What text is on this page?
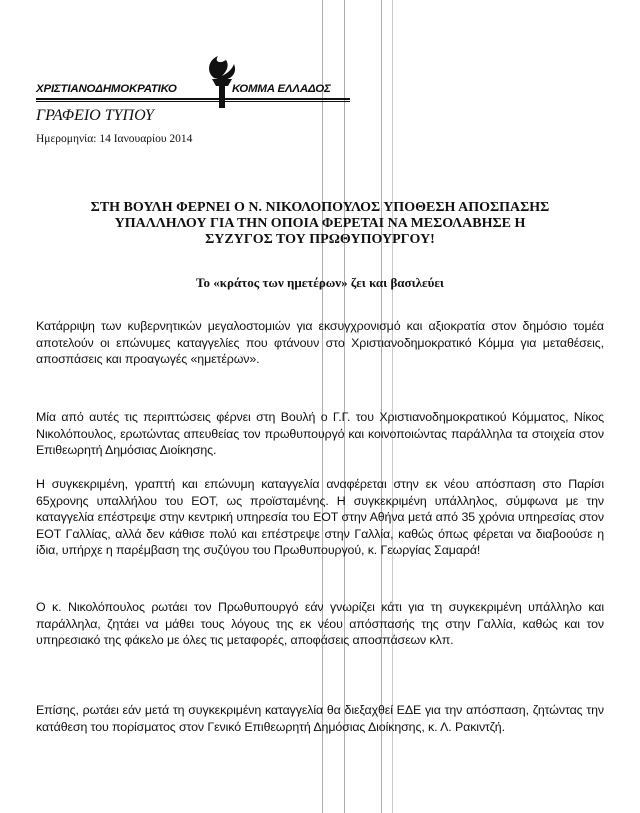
ΧΡΙΣΤΙΑΝΟΔΗΜΟΚΡΑΤΙΚΟ	ΚΟΜΜΑ ΕΛΛΑΔΟΣ
ΓΡΑΦΕΙΟ ΤΥΠΟΥ
Ημερομηνία: 14 Ιανουαρίου 2014
ΣΤΗ ΒΟΥΛΗ ΦΕΡΝΕΙ Ο Ν. ΝΙΚΟΛΟΠΟΥΛΟΣ ΥΠΟΘΕΣΗ ΑΠΟΣΠΑΣΗΣ
ΥΠΑΛΛΗΛΟΥ ΓΙΑ ΤΗΝ ΟΠΟΙΑ ΦΕΡΕΤΑΙ ΝΑ ΜΕΣΟΛΑΒΗΣΕ Η
ΣΥΖΥΓΟΣ ΤΟΥ ΠΡΩΘΥΠΟΥΡΓΟΥ!
Το «κράτος των ημετέρων» ζει και βασιλεύει
Κατάρριψη των κυβερνητικών μεγαλοστομιών για εκσυγχρονισμό και αξιοκρατία στον δημόσιο τομέα αποτελούν οι επώνυμες καταγγελίες που φτάνουν στο Χριστιανοδημοκρατικό Κόμμα για μεταθέσεις, αποσπάσεις και προαγωγές «ημετέρων».
Μία από αυτές τις περιπτώσεις φέρνει στη Βουλή ο Γ.Γ. του Χριστιανοδημοκρατικού Κόμματος, Νίκος Νικολόπουλος, ερωτώντας απευθείας τον πρωθυπουργό και κοινοποιώντας παράλληλα τα στοιχεία στον Επιθεωρητή Δημόσιας Διοίκησης.
Η συγκεκριμένη, γραπτή και επώνυμη καταγγελία αναφέρεται στην εκ νέου απόσπαση στο Παρίσι 65χρονης υπαλλήλου του ΕΟΤ, ως προϊσταμένης. Η συγκεκριμένη υπάλληλος, σύμφωνα με την καταγγελία επέστρεψε στην κεντρική υπηρεσία του ΕΟΤ στην Αθήνα μετά από 35 χρόνια υπηρεσίας στον ΕΟΤ Γαλλίας, αλλά δεν κάθισε πολύ και επέστρεψε στην Γαλλία, καθώς όπως φέρεται να διαβοούσε η ίδια, υπήρχε η παρέμβαση της συζύγου του Πρωθυπουργού, κ. Γεωργίας Σαμαρά!
Ο κ. Νικολόπουλος ρωτάει τον Πρωθυπουργό εάν γνωρίζει κάτι για τη συγκεκριμένη υπάλληλο και παράλληλα, ζητάει να μάθει τους λόγους της εκ νέου απόσπασής της στην Γαλλία, καθώς και τον υπηρεσιακό της φάκελο με όλες τις μεταφορές, αποφάσεις αποσπάσεων κλπ.
Επίσης, ρωτάει εάν μετά τη συγκεκριμένη καταγγελία θα διεξαχθεί ΕΔΕ για την απόσπαση, ζητώντας την κατάθεση του πορίσματος στον Γενικό Επιθεωρητή Δημόσιας Διοίκησης, κ. Λ. Ρακιντζή.
